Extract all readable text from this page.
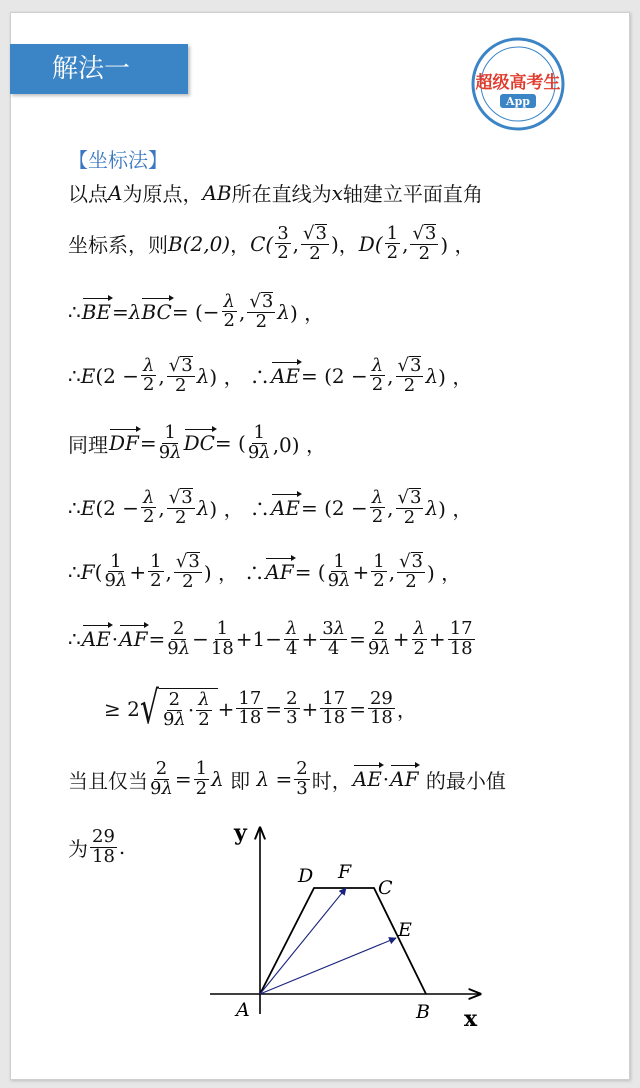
解法一	超级高考生
App
【坐标法】
以点 A 为原点， AB 所在直线为 x 轴建立平面直角
坐标系，则 B(2,0) ， $C( \frac{3}{2}$ , $\frac{√3}{2}$ ) ， $D( \frac{1}{2}$ , $\frac{√3}{2}$ ) ，
∴ BE = λ BC = (− $\frac{\lambda}{2}$ , $\frac{√3}{2}$ λ ) ，
∴ E ($2 - \frac{\lambda}{2}$ , $\frac{√3}{2}$ λ ) ， ∴ AE = ($2 - \frac{\lambda}{2}$ , $\frac{√3}{2}$ λ ) ，
同理 DF = $\frac{1}{9\lambda}$ DC = ( $\frac{1}{9\lambda} ,0$) ，
∴ E ($2 - \frac{\lambda}{2}$ , $\frac{√3}{2}$ λ ) ， ∴ AE = ($2 - \frac{\lambda}{2}$ , $\frac{√3}{2}$ λ ) ，
∴ F ( $\frac{1}{9\lambda} + \frac{1}{2}$ , $\frac{√3}{2}$ ) ， ∴ AF = ( $\frac{1}{9\lambda} + \frac{1}{2}$ , $\frac{√3}{2}$ ) ，
∴ AE · AF = $\frac{2}{9\lambda} - \frac{1}{18} +1- \frac{\lambda}{4} + \frac{3\lambda}{4} = \frac{2}{9\lambda} + \frac{\lambda}{2} + \frac{17}{18}$
≥ 2 √ $\frac{2}{9\lambda} \cdot \frac{\lambda}{2} + \frac{17}{18} = \frac{2}{3} + \frac{17}{18} = \frac{29}{18}$ ，
当且仅当 $\frac{2}{9\lambda} = \frac{1}{2}$ λ
即
$\lambda = \frac{2}{3}$ 时， AE · AF
的最小值
为 $\frac{29}{18}$ .
y
x
A	B
C
D
E
F
